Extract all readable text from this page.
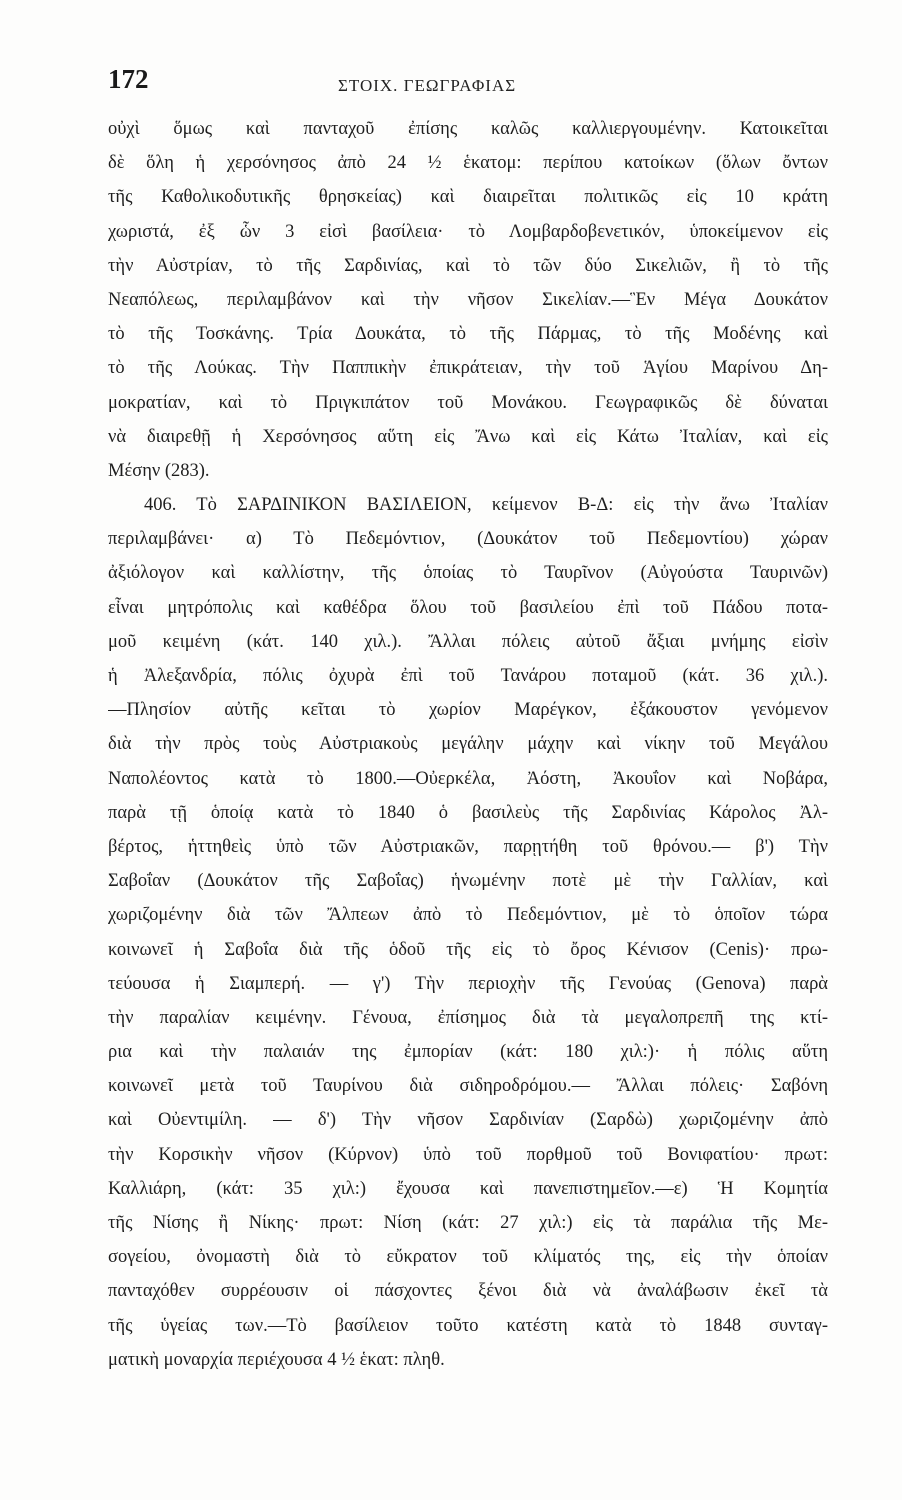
172	ΣΤΟΙΧ. ΓΕΩΓΡΑΦΙΑΣ
οὐχὶ ὅμως καὶ πανταχοῦ ἐπίσης καλῶς καλλιεργουμένην. Κατοικεῖται
δὲ ὅλη ἡ χερσόνησος ἀπὸ 24 ½ ἑκατομ: περίπου κατοίκων (ὅλων ὄντων
τῆς Καθολικοδυτικῆς θρησκείας) καὶ διαιρεῖται πολιτικῶς εἰς 10 κράτη
χωριστά, ἐξ ὧν 3 εἰσὶ βασίλεια· τὸ Λομβαρδοβενετικόν, ὑποκείμενον εἰς
τὴν Αὐστρίαν, τὸ τῆς Σαρδινίας, καὶ τὸ τῶν δύο Σικελιῶν, ἢ τὸ τῆς
Νεαπόλεως, περιλαμβάνον καὶ τὴν νῆσον Σικελίαν.—Ἓν Μέγα Δουκάτον
τὸ τῆς Τοσκάνης. Τρία Δουκάτα, τὸ τῆς Πάρμας, τὸ τῆς Μοδένης καὶ
τὸ τῆς Λούκας. Τὴν Παππικὴν ἐπικράτειαν, τὴν τοῦ Ἁγίου Μαρίνου Δη-
μοκρατίαν, καὶ τὸ Πριγκιπάτον τοῦ Μονάκου. Γεωγραφικῶς δὲ δύναται
νὰ διαιρεθῇ ἡ Χερσόνησος αὕτη εἰς Ἄνω καὶ εἰς Κάτω Ἰταλίαν, καὶ εἰς
Μέσην (283).
406. Τὸ ΣΑΡΔΙΝΙΚΟΝ ΒΑΣΙΛΕΙΟΝ, κείμενον Β-Δ: εἰς τὴν ἄνω Ἰταλίαν
περιλαμβάνει· α) Τὸ Πεδεμόντιον, (Δουκάτον τοῦ Πεδεμοντίου) χώραν
ἀξιόλογον καὶ καλλίστην, τῆς ὁποίας τὸ Ταυρῖνον (Αὐγούστα Ταυρινῶν)
εἶναι μητρόπολις καὶ καθέδρα ὅλου τοῦ βασιλείου ἐπὶ τοῦ Πάδου ποτα-
μοῦ κειμένη (κάτ. 140 χιλ.). Ἄλλαι πόλεις αὐτοῦ ἄξιαι μνήμης εἰσὶν
ἡ Ἀλεξανδρία, πόλις ὀχυρὰ ἐπὶ τοῦ Τανάρου ποταμοῦ (κάτ. 36 χιλ.).
—Πλησίον αὐτῆς κεῖται τὸ χωρίον Μαρέγκον, ἐξάκουστον γενόμενον
διὰ τὴν πρὸς τοὺς Αὐστριακοὺς μεγάλην μάχην καὶ νίκην τοῦ Μεγάλου
Ναπολέοντος κατὰ τὸ 1800.—Οὐερκέλα, Ἀόστη, Ἀκουΐον καὶ Νοβάρα,
παρὰ τῇ ὁποίᾳ κατὰ τὸ 1840 ὁ βασιλεὺς τῆς Σαρδινίας Κάρολος Ἀλ-
βέρτος, ἡττηθεὶς ὑπὸ τῶν Αὐστριακῶν, παρῃτήθη τοῦ θρόνου.— β') Τὴν
Σαβοΐαν (Δουκάτον τῆς Σαβοΐας) ἡνωμένην ποτὲ μὲ τὴν Γαλλίαν, καὶ
χωριζομένην διὰ τῶν Ἄλπεων ἀπὸ τὸ Πεδεμόντιον, μὲ τὸ ὁποῖον τώρα
κοινωνεῖ ἡ Σαβοΐα διὰ τῆς ὁδοῦ τῆς εἰς τὸ ὄρος Κένισον (Cenis)· πρω-
τεύουσα ἡ Σιαμπερή. — γ') Τὴν περιοχὴν τῆς Γενούας (Genova) παρὰ
τὴν παραλίαν κειμένην. Γένουα, ἐπίσημος διὰ τὰ μεγαλοπρεπῆ της κτί-
ρια καὶ τὴν παλαιάν της ἐμπορίαν (κάτ: 180 χιλ:)· ἡ πόλις αὕτη
κοινωνεῖ μετὰ τοῦ Ταυρίνου διὰ σιδηροδρόμου.— Ἄλλαι πόλεις· Σαβόνη
καὶ Οὐεντιμίλη. — δ') Τὴν νῆσον Σαρδινίαν (Σαρδὼ) χωριζομένην ἀπὸ
τὴν Κορσικὴν νῆσον (Κύρνον) ὑπὸ τοῦ πορθμοῦ τοῦ Βονιφατίου· πρωτ:
Καλλιάρη, (κάτ: 35 χιλ:) ἔχουσα καὶ πανεπιστημεῖον.—ε) Ἡ Κομητία
τῆς Νίσης ἢ Νίκης· πρωτ: Νίση (κάτ: 27 χιλ:) εἰς τὰ παράλια τῆς Με-
σογείου, ὀνομαστὴ διὰ τὸ εὔκρατον τοῦ κλίματός της, εἰς τὴν ὁποίαν
πανταχόθεν συρρέουσιν οἱ πάσχοντες ξένοι διὰ νὰ ἀναλάβωσιν ἐκεῖ τὰ
τῆς ὑγείας των.—Τὸ βασίλειον τοῦτο κατέστη κατὰ τὸ 1848 συνταγ-
ματικὴ μοναρχία περιέχουσα 4 ½ ἑκατ: πληθ.
